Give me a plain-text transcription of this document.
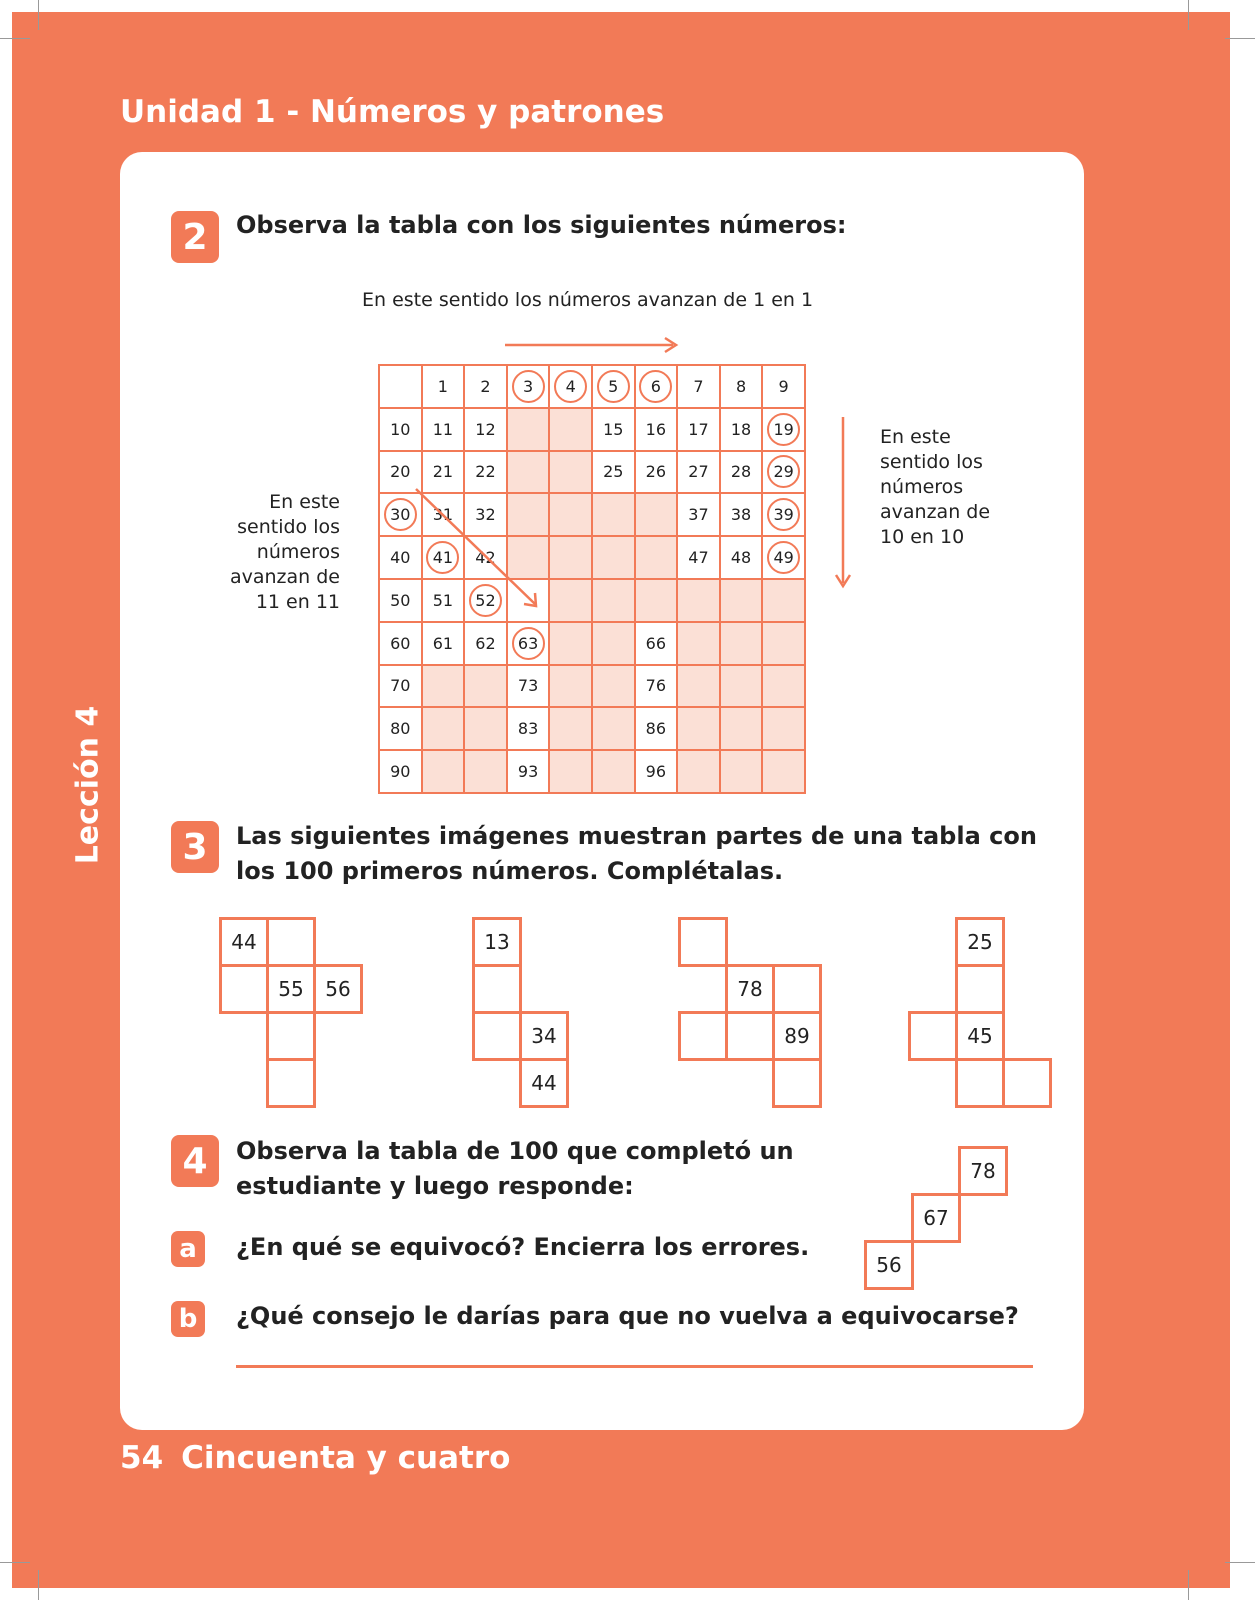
Unidad 1 - Números y patrones
Lección 4
2	Observa la tabla con los siguientes números:
En este sentido los números avanzan de 1 en 1
En este
sentido los
números
avanzan de
11 en 11
En este
sentido los
números
avanzan de
10 en 10
	1	2	3	4	5	6	7	8	9
10	11	12			15	16	17	18	19
20	21	22			25	26	27	28	29
30	31	32					37	38	39
40	41	42					47	48	49
50	51	52							
60	61	62	63			66			
70			73			76			
80			83			86			
90			93			96			
3	Las siguientes imágenes muestran partes de una tabla con
los 100 primeros números. Complétalas.
44
55	56
13
34
44
78
89
25
45
4	Observa la tabla de 100 que completó un
estudiante y luego responde:
78
67
56
a	¿En qué se equivocó? Encierra los errores.
b	¿Qué consejo le darías para que no vuelva a equivocarse?
54 Cincuenta y cuatro
